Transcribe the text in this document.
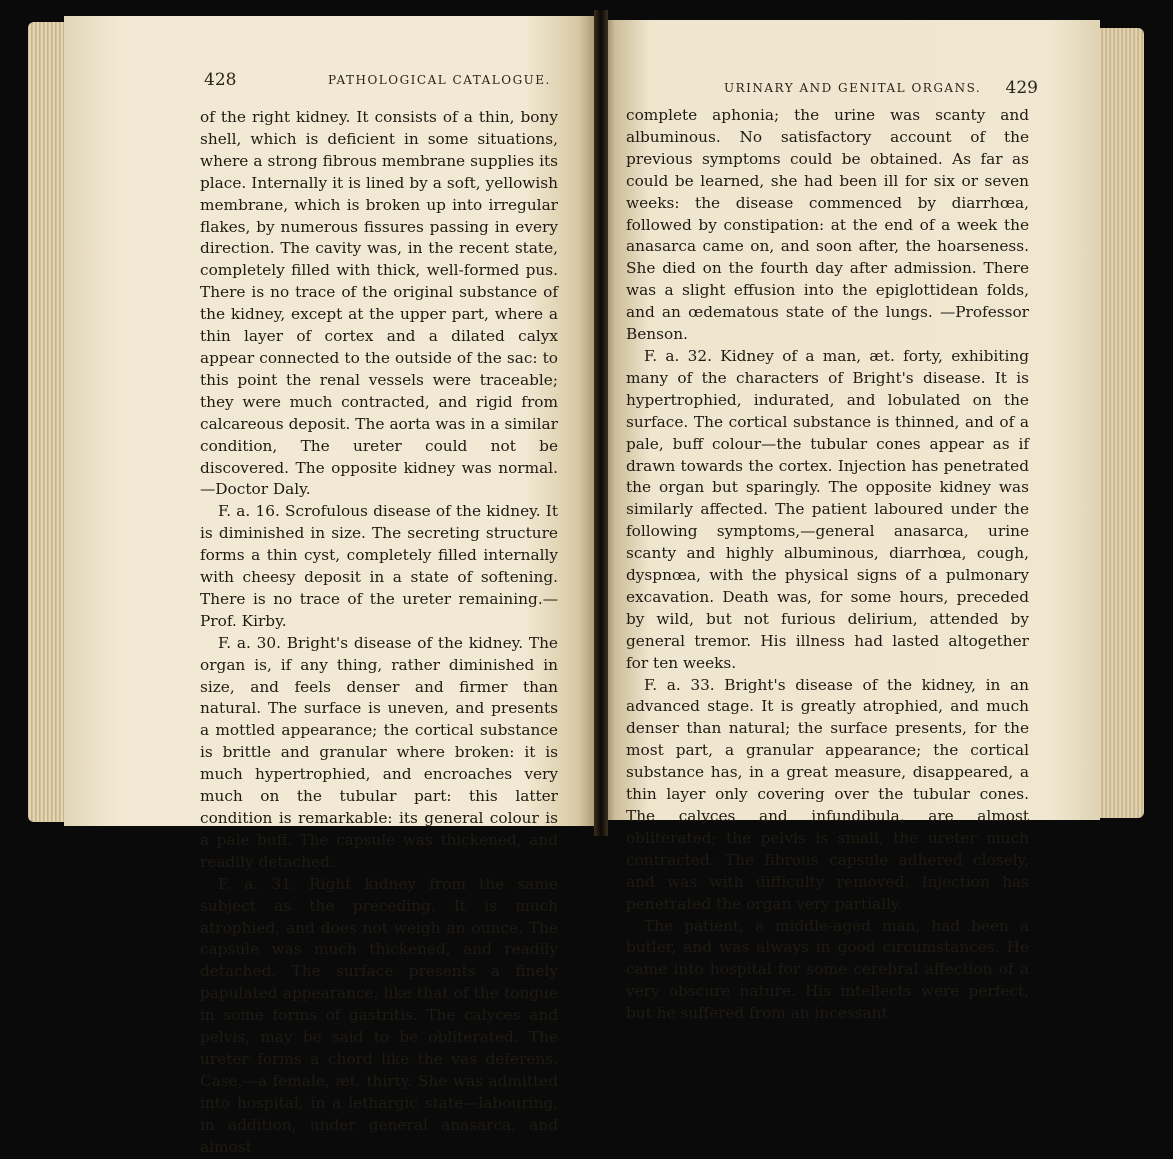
428	PATHOLOGICAL CATALOGUE.

of the right kidney. It consists of a thin, bony shell, which is deficient in some situations, where a strong fibrous membrane supplies its place. Internally it is lined by a soft, yellowish membrane, which is broken up into irregular flakes, by numerous fissures passing in every direction. The cavity was, in the recent state, completely filled with thick, well-formed pus. There is no trace of the original substance of the kidney, except at the upper part, where a thin layer of cortex and a dilated calyx appear connected to the outside of the sac: to this point the renal vessels were traceable; they were much contracted, and rigid from calcareous deposit. The aorta was in a similar condition, The ureter could not be discovered. The opposite kidney was normal.—Doctor Daly.

F. a. 16. Scrofulous disease of the kidney. It is diminished in size. The secreting structure forms a thin cyst, completely filled internally with cheesy deposit in a state of softening. There is no trace of the ureter remaining.—Prof. Kirby.

F. a. 30. Bright's disease of the kidney. The organ is, if any thing, rather diminished in size, and feels denser and firmer than natural. The surface is uneven, and presents a mottled appearance; the cortical substance is brittle and granular where broken: it is much hypertrophied, and encroaches very much on the tubular part: this latter condition is remarkable: its general colour is a pale buff. The capsule was thickened, and readily detached.

F. a. 31. Right kidney from the same subject as the preceding. It is much atrophied, and does not weigh an ounce. The capsule was much thickened, and readily detached. The surface presents a finely papulated appearance, like that of the tongue in some forms of gastritis. The calyces and pelvis, may be said to be obliterated. The ureter forms a chord like the vas deferens. Case,—a female, æt. thirty. She was admitted into hospital, in a lethargic state—labouring, in addition, under general anasarca, and almost

URINARY AND GENITAL ORGANS. 429

complete aphonia; the urine was scanty and albuminous. No satisfactory account of the previous symptoms could be obtained. As far as could be learned, she had been ill for six or seven weeks: the disease commenced by diarrhœa, followed by constipation: at the end of a week the anasarca came on, and soon after, the hoarseness. She died on the fourth day after admission. There was a slight effusion into the epiglottidean folds, and an œdematous state of the lungs. —Professor Benson.

F. a. 32. Kidney of a man, æt. forty, exhibiting many of the characters of Bright's disease. It is hypertrophied, indurated, and lobulated on the surface. The cortical substance is thinned, and of a pale, buff colour—the tubular cones appear as if drawn towards the cortex. Injection has penetrated the organ but sparingly. The opposite kidney was similarly affected. The patient laboured under the following symptoms,—general anasarca, urine scanty and highly albuminous, diarrhœa, cough, dyspnœa, with the physical signs of a pulmonary excavation. Death was, for some hours, preceded by wild, but not furious delirium, attended by general tremor. His illness had lasted altogether for ten weeks.

F. a. 33. Bright's disease of the kidney, in an advanced stage. It is greatly atrophied, and much denser than natural; the surface presents, for the most part, a granular appearance; the cortical substance has, in a great measure, disappeared, a thin layer only covering over the tubular cones. The calyces and infundibula, are almost obliterated; the pelvis is small, the ureter much contracted. The fibrous capsule adhered closely, and was with difficulty removed. Injection has penetrated the organ very partially.

The patient, a middle-aged man, had been a butler, and was always in good circumstances. He came into hospital for some cerebral affection of a very obscure nature. His intellects were perfect, but he suffered from an incessant
